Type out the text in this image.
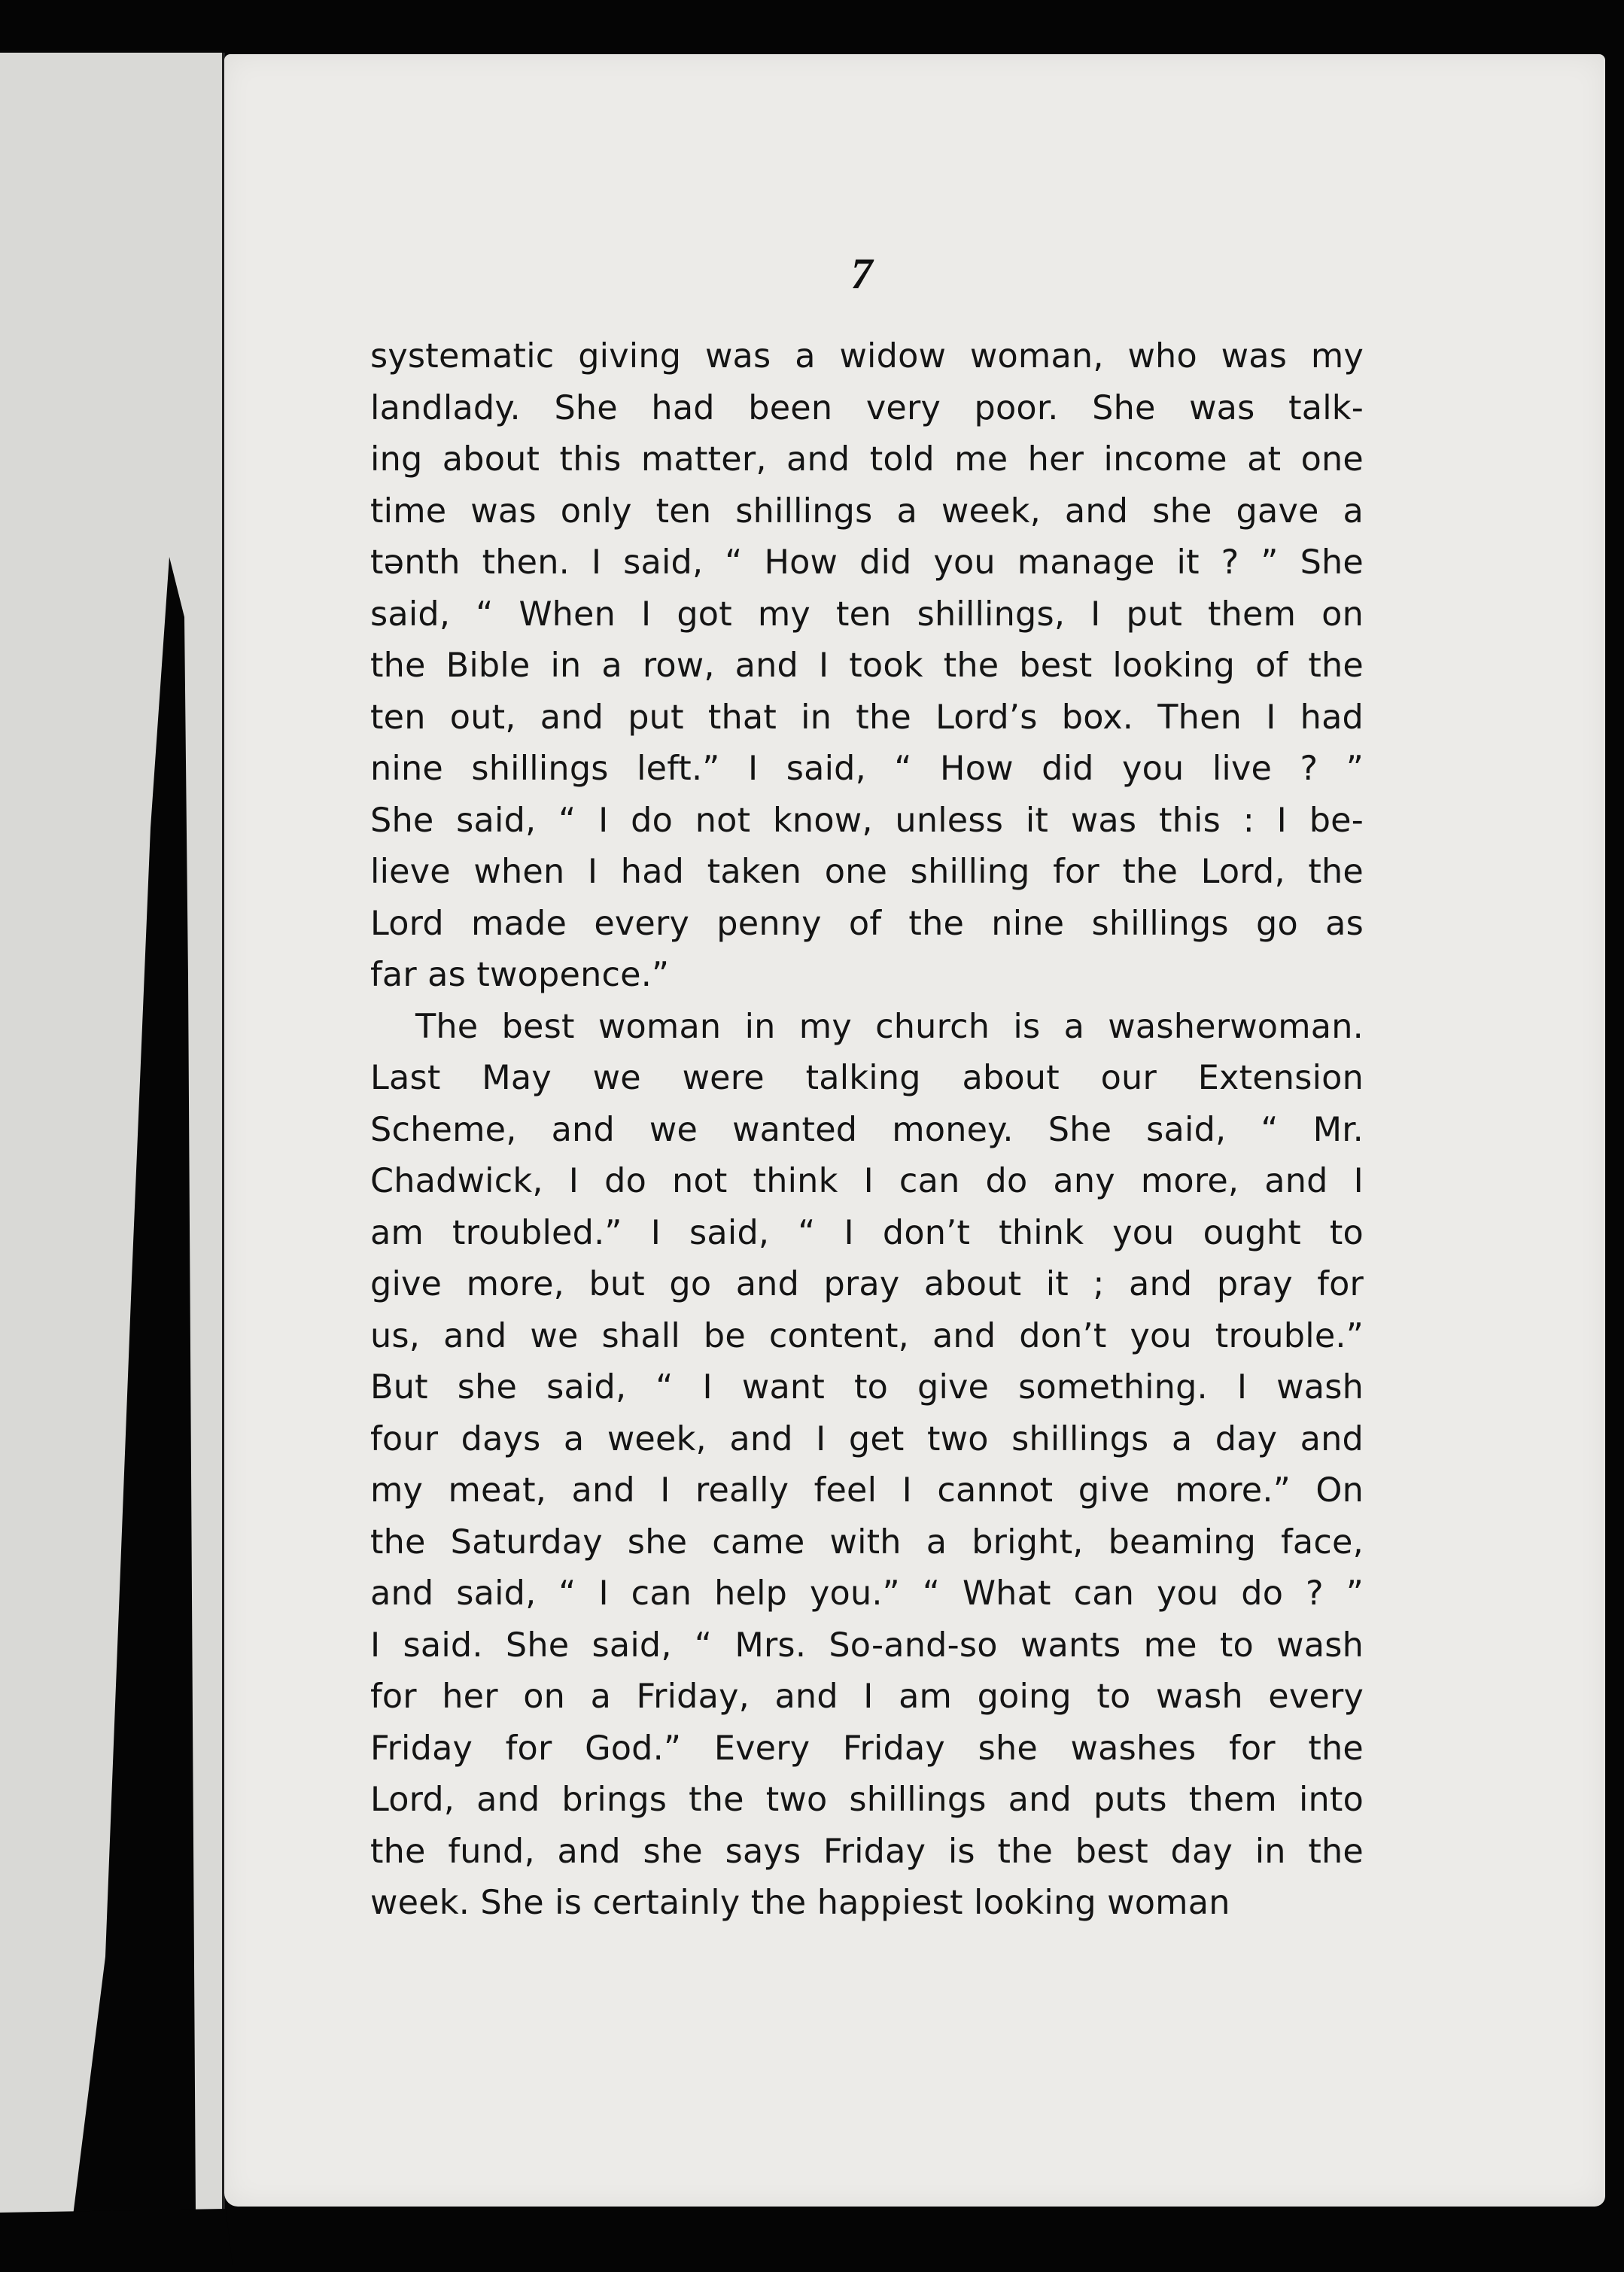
7
systematic giving was a widow woman, who was my
landlady. She had been very poor. She was talk-
ing about this matter, and told me her income at one
time was only ten shillings a week, and she gave a
tənth then. I said, “ How did you manage it ? ” She
said, “ When I got my ten shillings, I put them on
the Bible in a row, and I took the best looking of the
ten out, and put that in the Lord’s box. Then I had
nine shillings left.” I said, “ How did you live ? ”
She said, “ I do not know, unless it was this : I be-
lieve when I had taken one shilling for the Lord, the
Lord made every penny of the nine shillings go as
far as twopence.”
The best woman in my church is a washerwoman.
Last May we were talking about our Extension
Scheme, and we wanted money. She said, “ Mr.
Chadwick, I do not think I can do any more, and I
am troubled.” I said, “ I don’t think you ought to
give more, but go and pray about it ; and pray for
us, and we shall be content, and don’t you trouble.”
But she said, “ I want to give something. I wash
four days a week, and I get two shillings a day and
my meat, and I really feel I cannot give more.” On
the Saturday she came with a bright, beaming face,
and said, “ I can help you.” “ What can you do ? ”
I said. She said, “ Mrs. So-and-so wants me to wash
for her on a Friday, and I am going to wash every
Friday for God.” Every Friday she washes for the
Lord, and brings the two shillings and puts them into
the fund, and she says Friday is the best day in the
week. She is certainly the happiest looking woman
